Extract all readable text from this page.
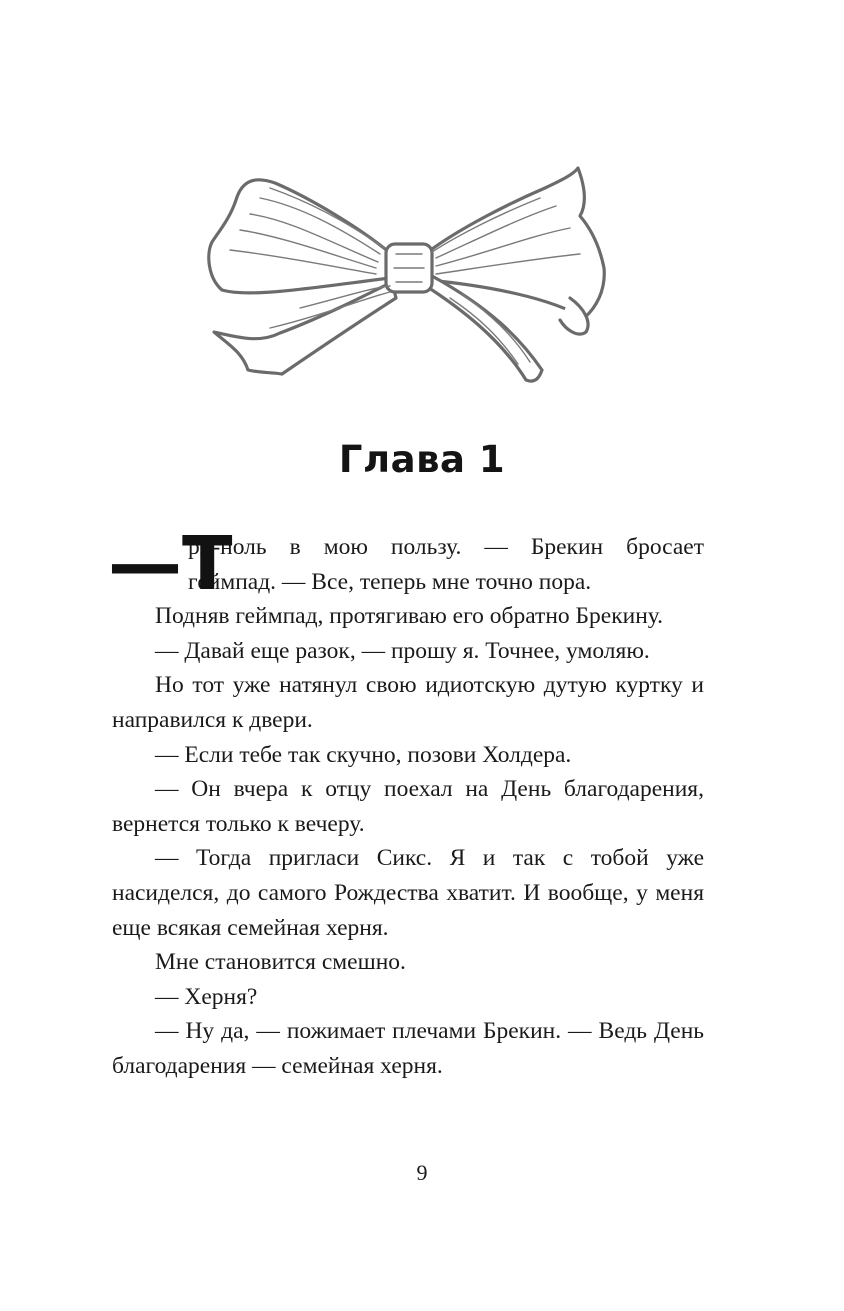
Глава 1
—Т
ри-ноль в мою пользу. — Брекин бросает
геймпад. — Все, теперь мне точно пора.

Подняв геймпад, протягиваю его обратно Брекину.

— Давай еще разок, — прошу я. Точнее, умоляю.

Но тот уже натянул свою идиотскую дутую куртку и направился к двери.

— Если тебе так скучно, позови Холдера.

— Он вчера к отцу поехал на День благодарения, вернется только к вечеру.

— Тогда пригласи Сикс. Я и так с тобой уже насиделся, до самого Рождества хватит. И вообще, у меня еще всякая семейная херня.

Мне становится смешно.

— Херня?

— Ну да, — пожимает плечами Брекин. — Ведь День благодарения — семейная херня.

9
